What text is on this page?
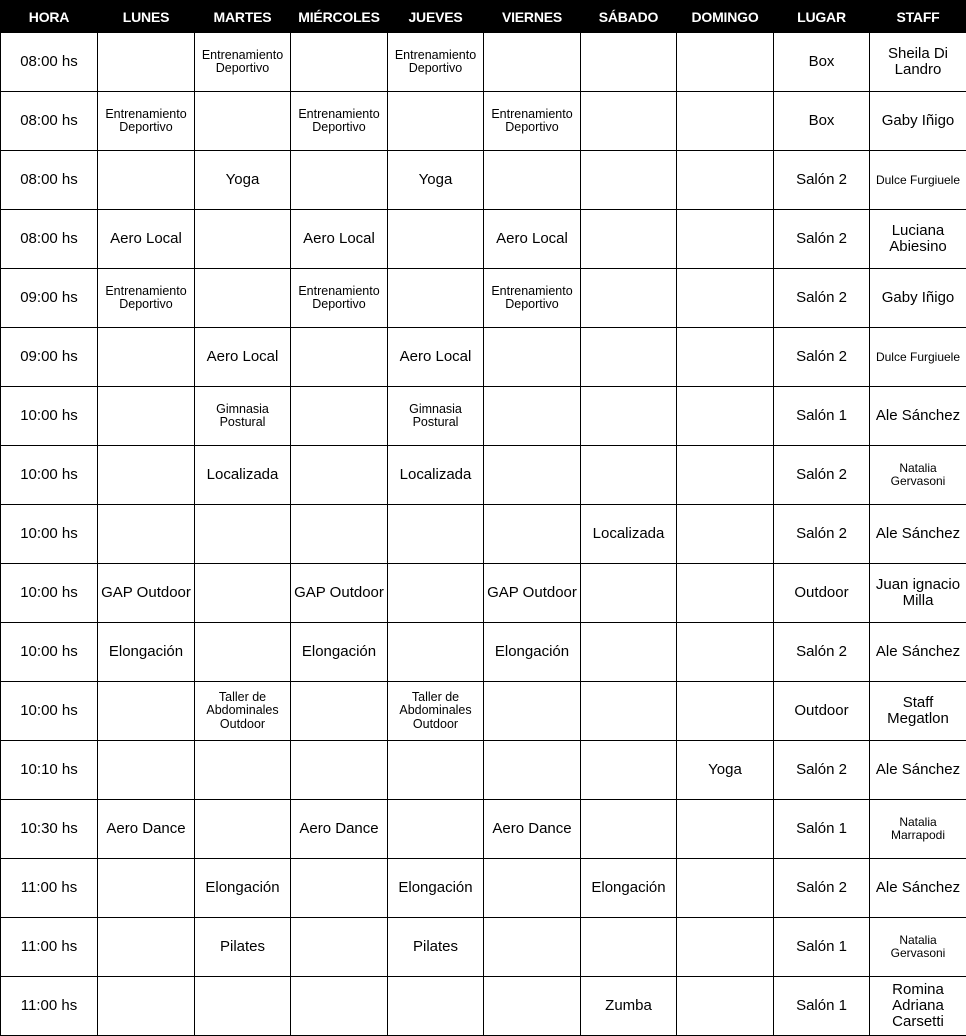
HORA	LUNES	MARTES	MIÉRCOLES	JUEVES	VIERNES	SÁBADO	DOMINGO	LUGAR	STAFF
08:00 hs		Entrenamiento Deportivo		Entrenamiento Deportivo				Box	Sheila Di Landro
08:00 hs	Entrenamiento Deportivo		Entrenamiento Deportivo		Entrenamiento Deportivo			Box	Gaby Iñigo
08:00 hs		Yoga		Yoga				Salón 2	Dulce Furgiuele
08:00 hs	Aero Local		Aero Local		Aero Local			Salón 2	Luciana Abiesino
09:00 hs	Entrenamiento Deportivo		Entrenamiento Deportivo		Entrenamiento Deportivo			Salón 2	Gaby Iñigo
09:00 hs		Aero Local		Aero Local				Salón 2	Dulce Furgiuele
10:00 hs		Gimnasia Postural		Gimnasia Postural				Salón 1	Ale Sánchez
10:00 hs		Localizada		Localizada				Salón 2	Natalia Gervasoni
10:00 hs						Localizada		Salón 2	Ale Sánchez
10:00 hs	GAP Outdoor		GAP Outdoor		GAP Outdoor			Outdoor	Juan ignacio Milla
10:00 hs	Elongación		Elongación		Elongación			Salón 2	Ale Sánchez
10:00 hs		Taller de Abdominales Outdoor		Taller de Abdominales Outdoor				Outdoor	Staff Megatlon
10:10 hs							Yoga	Salón 2	Ale Sánchez
10:30 hs	Aero Dance		Aero Dance		Aero Dance			Salón 1	Natalia Marrapodi
11:00 hs		Elongación		Elongación		Elongación		Salón 2	Ale Sánchez
11:00 hs		Pilates		Pilates				Salón 1	Natalia Gervasoni
11:00 hs						Zumba		Salón 1	Romina Adriana Carsetti
